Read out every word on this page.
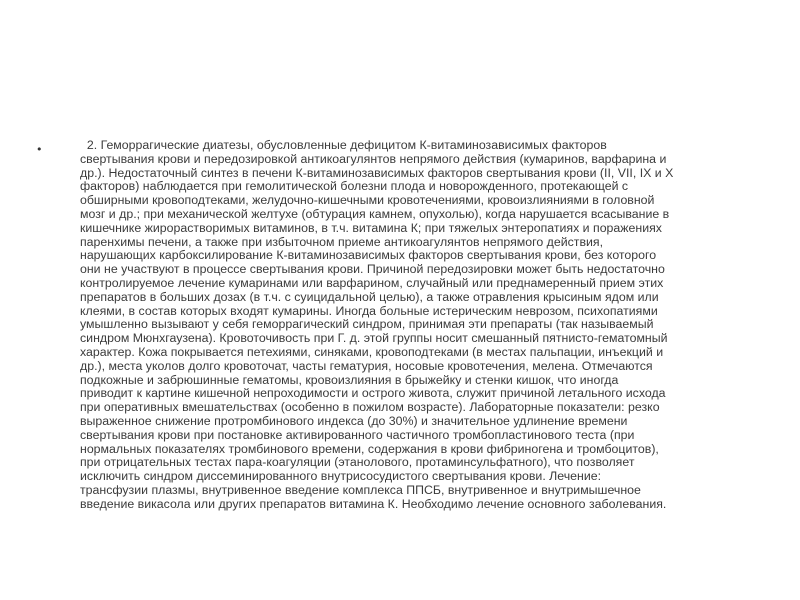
•	2. Геморрагические диатезы, обусловленные дефицитом К-витаминозависимых факторов
свертывания крови и передозировкой антикоагулянтов непрямого действия (кумаринов, варфарина и
др.). Недостаточный синтез в печени К-витаминозависимых факторов свертывания крови (II, VII, IX и X
факторов) наблюдается при гемолитической болезни плода и новорожденного, протекающей с
обширными кровоподтеками, желудочно-кишечными кровотечениями, кровоизлияниями в головной
мозг и др.; при механической желтухе (обтурация камнем, опухолью), когда нарушается всасывание в
кишечнике жирорастворимых витаминов, в т.ч. витамина К; при тяжелых энтеропатиях и поражениях
паренхимы печени, а также при избыточном приеме антикоагулянтов непрямого действия,
нарушающих карбоксилирование К-витаминозависимых факторов свертывания крови, без которого
они не участвуют в процессе свертывания крови. Причиной передозировки может быть недостаточно
контролируемое лечение кумаринами или варфарином, случайный или преднамеренный прием этих
препаратов в больших дозах (в т.ч. с суицидальной целью), а также отравления крысиным ядом или
клеями, в состав которых входят кумарины. Иногда больные истерическим неврозом, психопатиями
умышленно вызывают у себя геморрагический синдром, принимая эти препараты (так называемый
синдром Мюнхгаузена). Кровоточивость при Г. д. этой группы носит смешанный пятнисто-гематомный
характер. Кожа покрывается петехиями, синяками, кровоподтеками (в местах пальпации, инъекций и
др.), места уколов долго кровоточат, часты гематурия, носовые кровотечения, мелена. Отмечаются
подкожные и забрюшинные гематомы, кровоизлияния в брыжейку и стенки кишок, что иногда
приводит к картине кишечной непроходимости и острого живота, служит причиной летального исхода
при оперативных вмешательствах (особенно в пожилом возрасте). Лабораторные показатели: резко
выраженное снижение протромбинового индекса (до 30%) и значительное удлинение времени
свертывания крови при постановке активированного частичного тромбопластинового теста (при
нормальных показателях тромбинового времени, содержания в крови фибриногена и тромбоцитов),
при отрицательных тестах пара-коагуляции (этанолового, протаминсульфатного), что позволяет
исключить синдром диссеминированного внутрисосудистого свертывания крови. Лечение:
трансфузии плазмы, внутривенное введение комплекса ППСБ, внутривенное и внутримышечное
введение викасола или других препаратов витамина К. Необходимо лечение основного заболевания.
